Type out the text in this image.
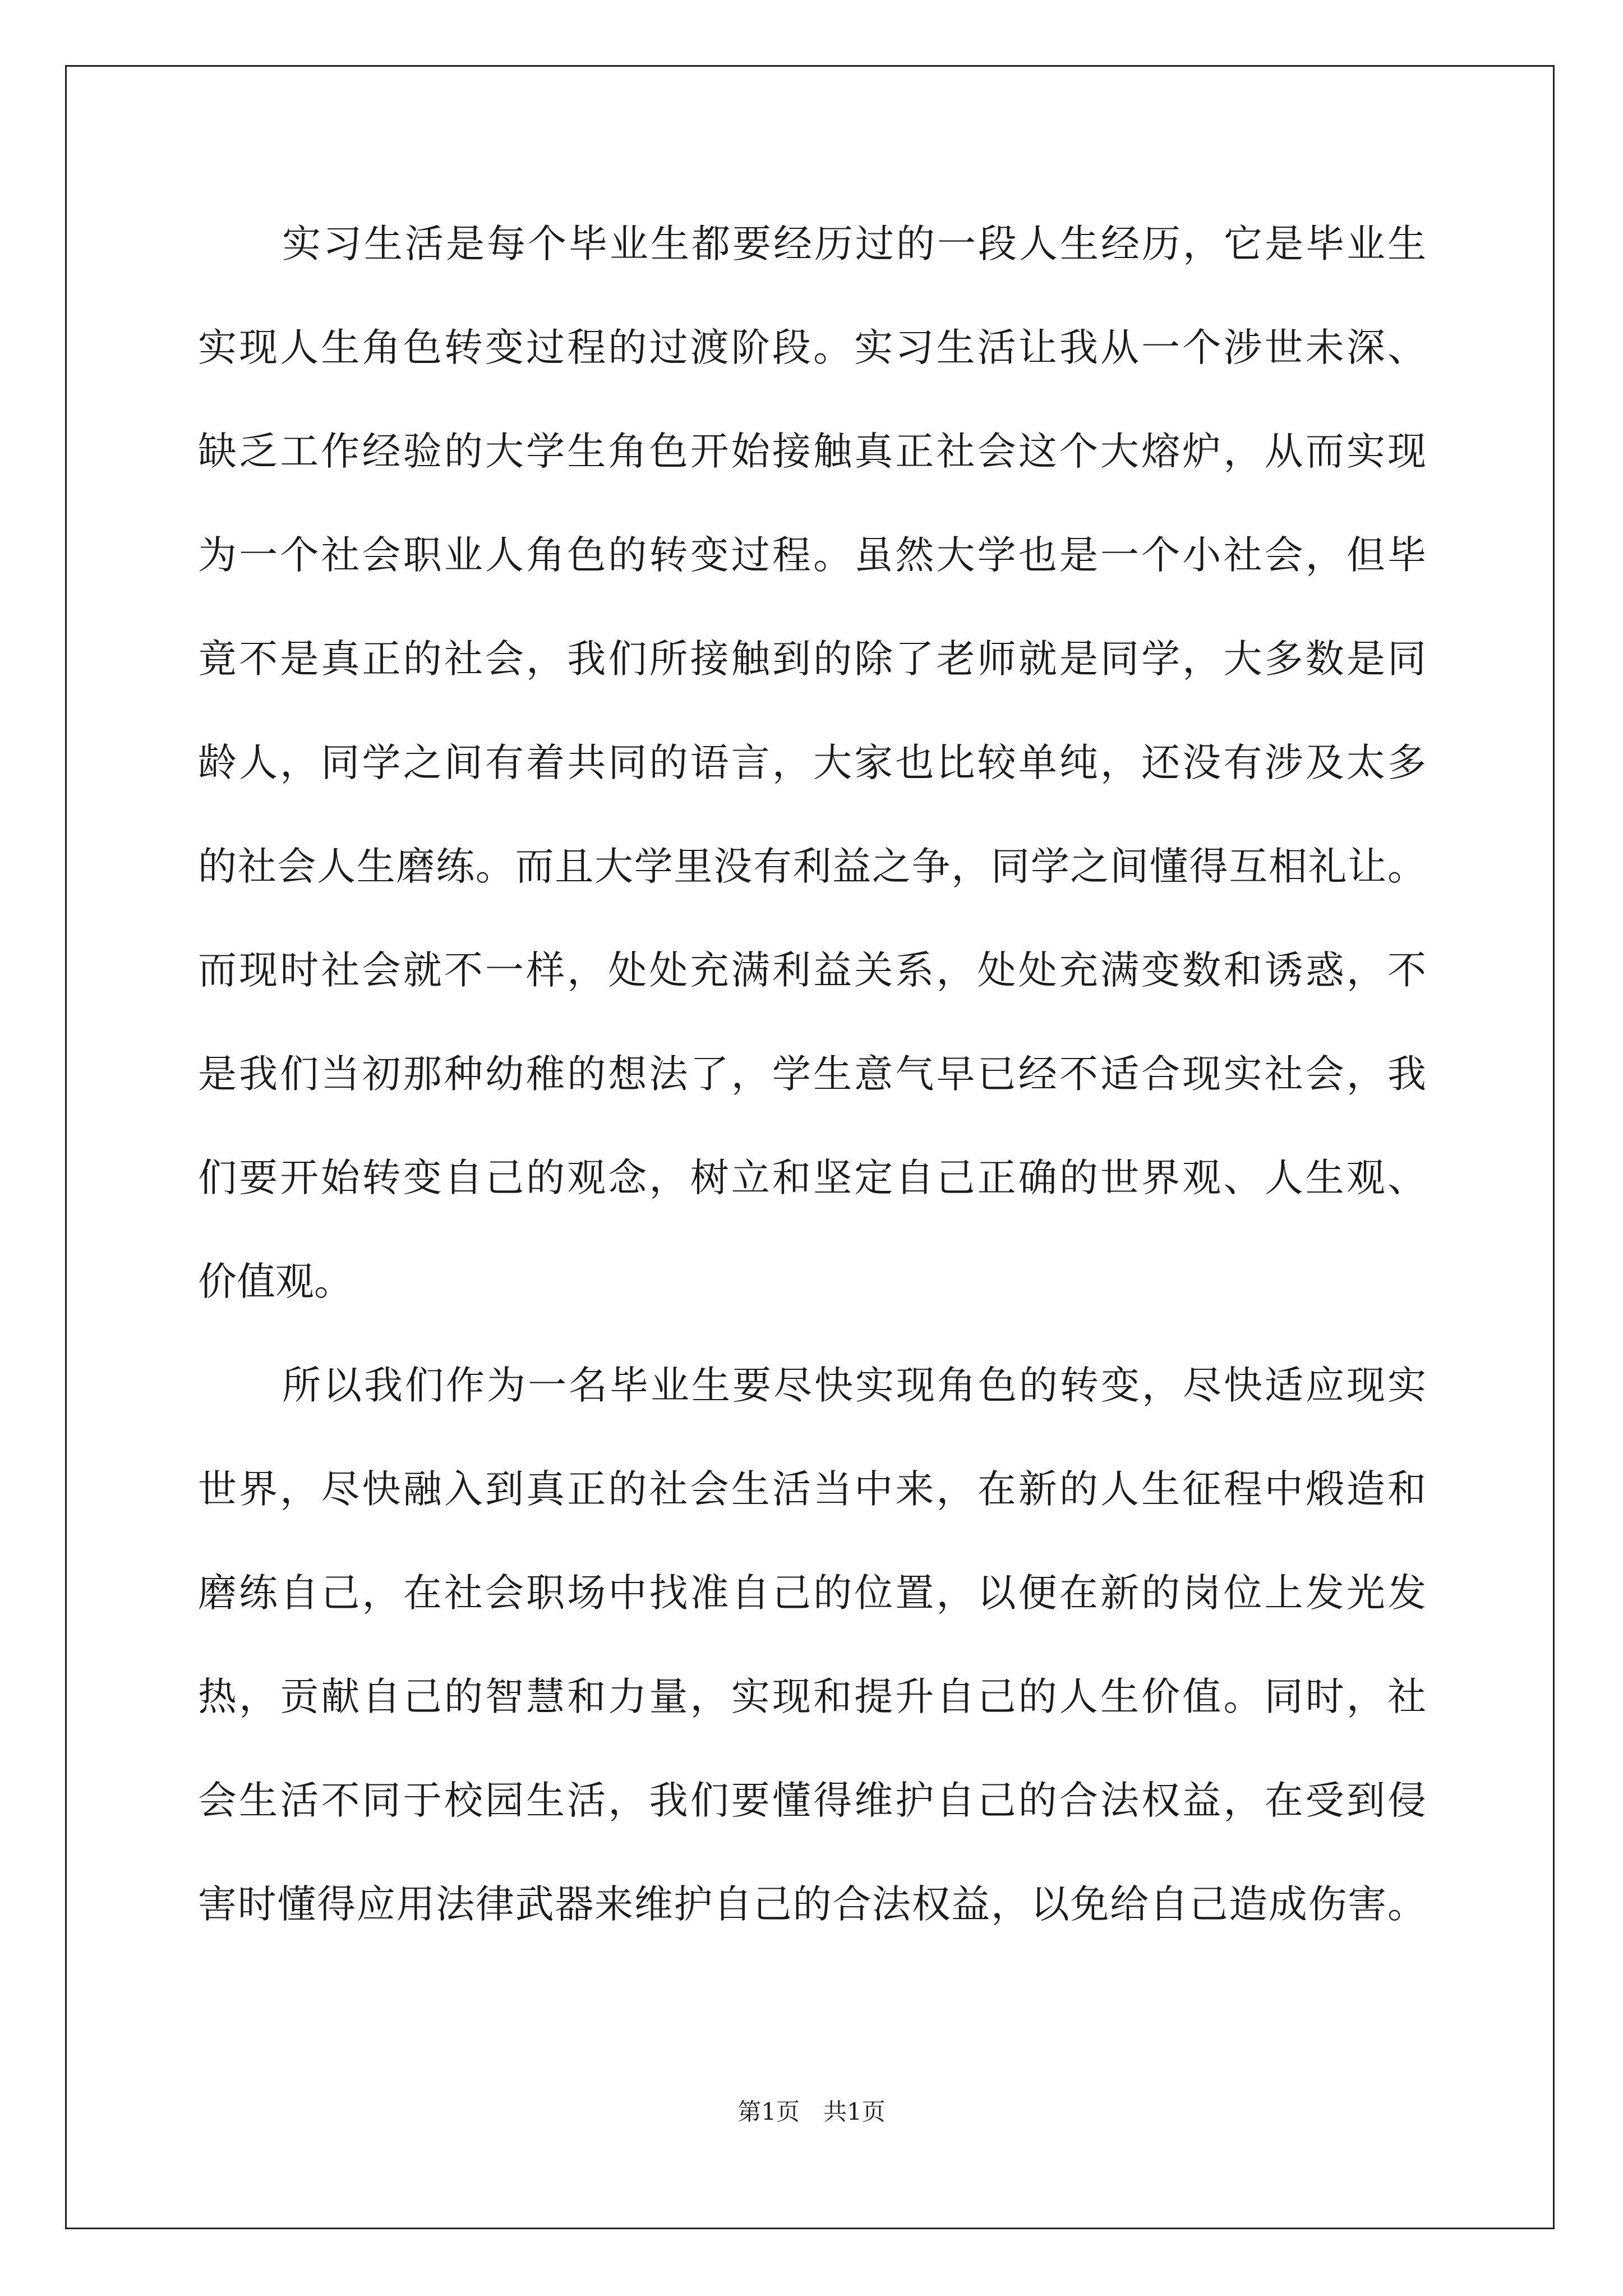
实习生活是每个毕业生都要经历过的一段人生经历，它是毕业生
实现人生角色转变过程的过渡阶段。实习生活让我从一个涉世未深、
缺乏工作经验的大学生角色开始接触真正社会这个大熔炉，从而实现
为一个社会职业人角色的转变过程。虽然大学也是一个小社会，但毕
竟不是真正的社会，我们所接触到的除了老师就是同学，大多数是同
龄人，同学之间有着共同的语言，大家也比较单纯，还没有涉及太多
的社会人生磨练。而且大学里没有利益之争，同学之间懂得互相礼让。
而现时社会就不一样，处处充满利益关系，处处充满变数和诱惑，不
是我们当初那种幼稚的想法了，学生意气早已经不适合现实社会，我
们要开始转变自己的观念，树立和坚定自己正确的世界观、人生观、
价值观。
所以我们作为一名毕业生要尽快实现角色的转变，尽快适应现实
世界，尽快融入到真正的社会生活当中来，在新的人生征程中煅造和
磨练自己，在社会职场中找准自己的位置，以便在新的岗位上发光发
热，贡献自己的智慧和力量，实现和提升自己的人生价值。同时，社
会生活不同于校园生活，我们要懂得维护自己的合法权益，在受到侵
害时懂得应用法律武器来维护自己的合法权益，以免给自己造成伤害。
第1页　共1页
